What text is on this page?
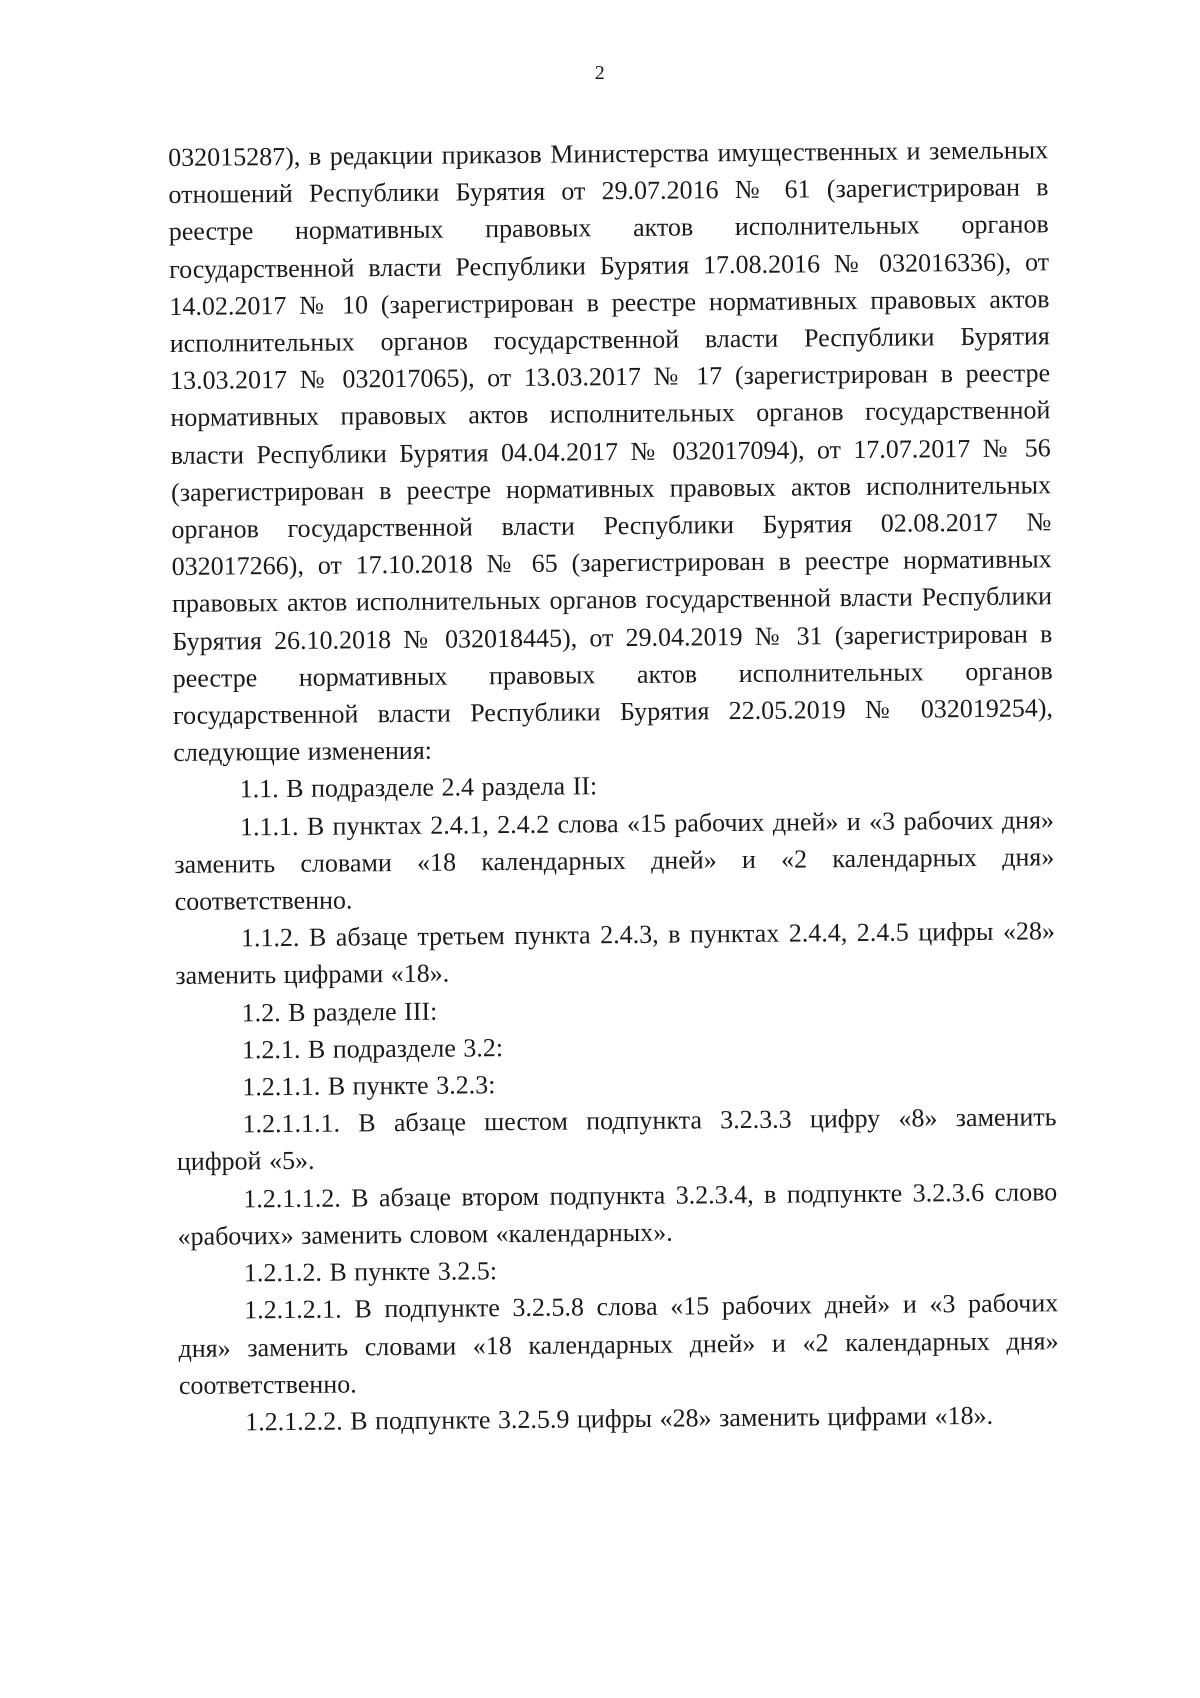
2

032015287), в редакции приказов Министерства имущественных и земельных отношений Республики Бурятия от 29.07.2016 № 61 (зарегистрирован в реестре нормативных правовых актов исполнительных органов государственной власти Республики Бурятия 17.08.2016 № 032016336), от 14.02.2017 № 10 (зарегистрирован в реестре нормативных правовых актов исполнительных органов государственной власти Республики Бурятия 13.03.2017 № 032017065), от 13.03.2017 № 17 (зарегистрирован в реестре нормативных правовых актов исполнительных органов государственной власти Республики Бурятия 04.04.2017 № 032017094), от 17.07.2017 № 56 (зарегистрирован в реестре нормативных правовых актов исполнительных органов государственной власти Республики Бурятия 02.08.2017 № 032017266), от 17.10.2018 № 65 (зарегистрирован в реестре нормативных правовых актов исполнительных органов государственной власти Республики Бурятия 26.10.2018 № 032018445), от 29.04.2019 № 31 (зарегистрирован в реестре нормативных правовых актов исполнительных органов государственной власти Республики Бурятия 22.05.2019 № 032019254), следующие изменения:

1.1. В подразделе 2.4 раздела II:

1.1.1. В пунктах 2.4.1, 2.4.2 слова «15 рабочих дней» и «3 рабочих дня» заменить словами «18 календарных дней» и «2 календарных дня» соответственно.

1.1.2. В абзаце третьем пункта 2.4.3, в пунктах 2.4.4, 2.4.5 цифры «28» заменить цифрами «18».

1.2. В разделе III:

1.2.1. В подразделе 3.2:

1.2.1.1. В пункте 3.2.3:

1.2.1.1.1. В абзаце шестом подпункта 3.2.3.3 цифру «8» заменить цифрой «5».

1.2.1.1.2. В абзаце втором подпункта 3.2.3.4, в подпункте 3.2.3.6 слово «рабочих» заменить словом «календарных».

1.2.1.2. В пункте 3.2.5:

1.2.1.2.1. В подпункте 3.2.5.8 слова «15 рабочих дней» и «3 рабочих дня» заменить словами «18 календарных дней» и «2 календарных дня» соответственно.

1.2.1.2.2. В подпункте 3.2.5.9 цифры «28» заменить цифрами «18».
